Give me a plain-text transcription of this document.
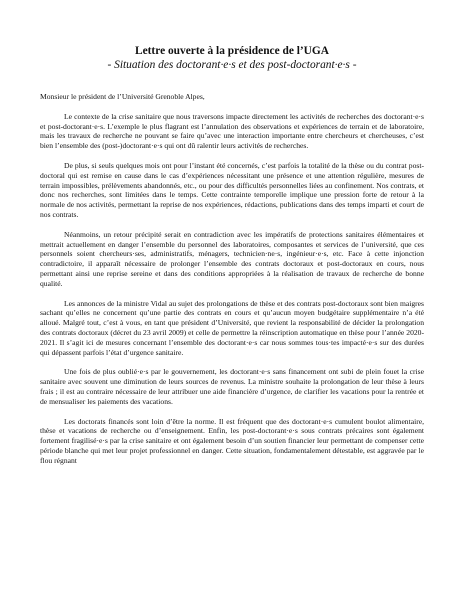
Lettre ouverte à la présidence de l’UGA

- Situation des doctorant·e·s et des post-doctorant·e·s -

Monsieur le président de l’Université Grenoble Alpes,

Le contexte de la crise sanitaire que nous traversons impacte directement les activités de recherches des doctorant·e·s et post-doctorant·e·s. L’exemple le plus flagrant est l’annulation des observations et expériences de terrain et de laboratoire, mais les travaux de recherche ne pouvant se faire qu’avec une interaction importante entre chercheurs et chercheuses, c’est bien l’ensemble des (post-)doctorant·e·s qui ont dû ralentir leurs activités de recherches.

De plus, si seuls quelques mois ont pour l’instant été concernés, c’est parfois la totalité de la thèse ou du contrat post-doctoral qui est remise en cause dans le cas d’expériences nécessitant une présence et une attention régulière, mesures de terrain impossibles, prélèvements abandonnés, etc., ou pour des difficultés personnelles liées au confinement. Nos contrats, et donc nos recherches, sont limitées dans le temps. Cette contrainte temporelle implique une pression forte de retour à la normale de nos activités, permettant la reprise de nos expériences, rédactions, publications dans des temps imparti et court de nos contrats.

Néanmoins, un retour précipité serait en contradiction avec les impératifs de protections sanitaires élémentaires et mettrait actuellement en danger l’ensemble du personnel des laboratoires, composantes et services de l’université, que ces personnels soient chercheurs·ses, administratifs, ménagers, technicien·ne·s, ingénieur·e·s, etc. Face à cette injonction contradictoire, il apparaît nécessaire de prolonger l’ensemble des contrats doctoraux et post-doctoraux en cours, nous permettant ainsi une reprise sereine et dans des conditions appropriées à la réalisation de travaux de recherche de bonne qualité.

Les annonces de la ministre Vidal au sujet des prolongations de thèse et des contrats post-doctoraux sont bien maigres sachant qu’elles ne concernent qu’une partie des contrats en cours et qu’aucun moyen budgétaire supplémentaire n’a été alloué. Malgré tout, c’est à vous, en tant que président d’Université, que revient la responsabilité de décider la prolongation des contrats doctoraux (décret du 23 avril 2009) et celle de permettre la réinscription automatique en thèse pour l’année 2020-2021. Il s’agit ici de mesures concernant l’ensemble des doctorant·e·s car nous sommes tous·tes impacté·e·s sur des durées qui dépassent parfois l’état d’urgence sanitaire.

Une fois de plus oublié·e·s par le gouvernement, les doctorant·e·s sans financement ont subi de plein fouet la crise sanitaire avec souvent une diminution de leurs sources de revenus. La ministre souhaite la prolongation de leur thèse à leurs frais ; il est au contraire nécessaire de leur attribuer une aide financière d’urgence, de clarifier les vacations pour la rentrée et de mensualiser les paiements des vacations.

Les doctorats financés sont loin d’être la norme. Il est fréquent que des doctorant·e·s cumulent boulot alimentaire, thèse et vacations de recherche ou d’enseignement. Enfin, les post-doctorant·e·s sous contrats précaires sont également fortement fragilisé·e·s par la crise sanitaire et ont également besoin d’un soutien financier leur permettant de compenser cette période blanche qui met leur projet professionnel en danger. Cette situation, fondamentalement détestable, est aggravée par le flou régnant
